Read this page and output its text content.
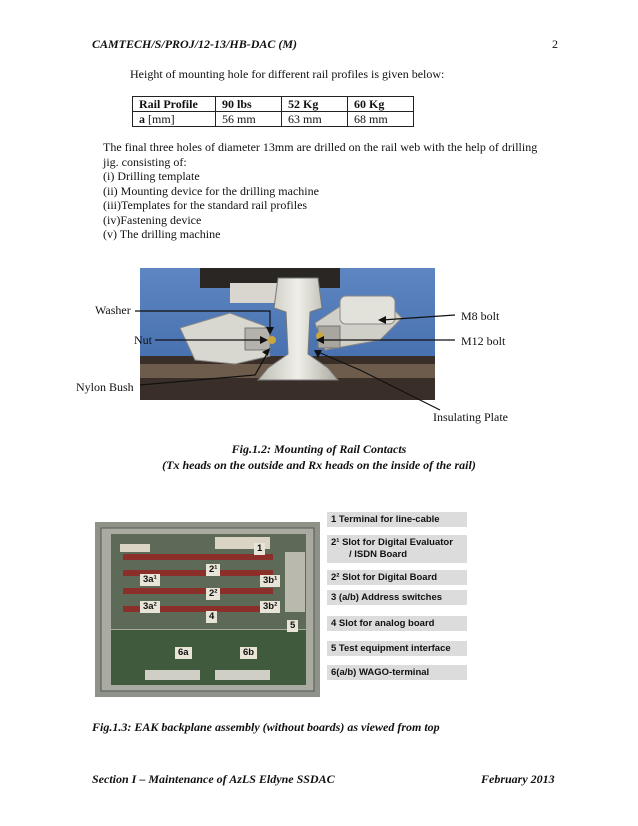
CAMTECH/S/PROJ/12-13/HB-DAC (M)	2
Height of mounting hole for different rail profiles is given below:
Rail Profile	90 lbs	52 Kg	60 Kg
a [mm]	56 mm	63 mm	68 mm
The final three holes of diameter 13mm are drilled on the rail web with the help of drilling
jig. consisting of:
(i) Drilling template
(ii) Mounting device for the drilling machine
(iii)Templates for the standard rail profiles
(iv)Fastening device
(v) The drilling machine
Washer
Nut
Nylon Bush
M8 bolt
M12 bolt
Insulating Plate
Fig.1.2: Mounting of Rail Contacts
(Tx heads on the outside and Rx heads on the inside of the rail)
1
2¹
3a¹	3b¹
2²
3a²	3b²
4
5
6a	6b
1 Terminal for line-cable
2¹ Slot for Digital Evaluator
/ ISDN Board
2² Slot for Digital Board
3 (a/b) Address switches
4 Slot for analog board
5 Test equipment interface
6(a/b) WAGO-terminal
Fig.1.3: EAK backplane assembly (without boards) as viewed from top
Section I – Maintenance of AzLS Eldyne SSDAC	February 2013
